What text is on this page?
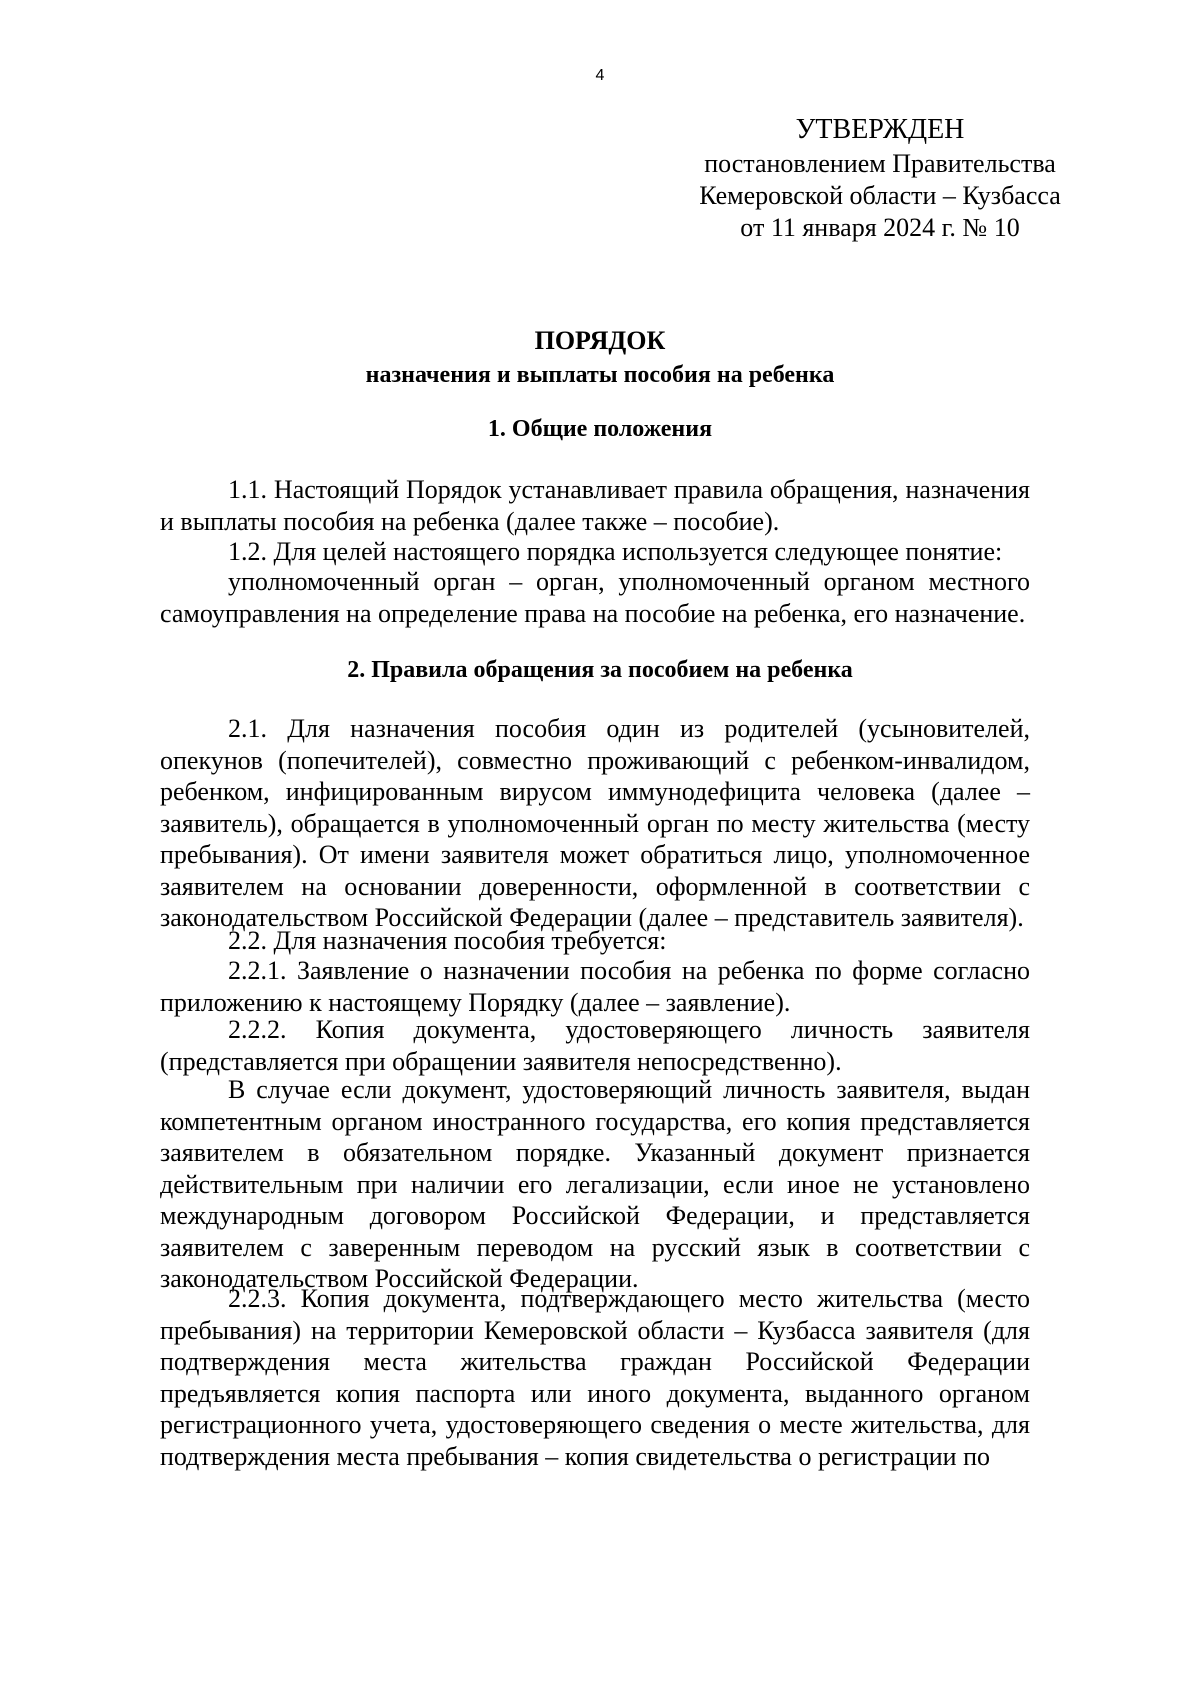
4
УТВЕРЖДЕН
постановлением Правительства
Кемеровской области – Кузбасса
от 11 января 2024 г. № 10
ПОРЯДОК
назначения и выплаты пособия на ребенка
1. Общие положения

1.1. Настоящий Порядок устанавливает правила обращения, назначения и выплаты пособия на ребенка (далее также – пособие).

1.2. Для целей настоящего порядка используется следующее понятие:

уполномоченный орган – орган, уполномоченный органом местного самоуправления на определение права на пособие на ребенка, его назначение.

2. Правила обращения за пособием на ребенка

2.1. Для назначения пособия один из родителей (усыновителей, опекунов (попечителей), совместно проживающий с ребенком-инвалидом, ребенком, инфицированным вирусом иммунодефицита человека (далее – заявитель), обращается в уполномоченный орган по месту жительства (месту пребывания). От имени заявителя может обратиться лицо, уполномоченное заявителем на основании доверенности, оформленной в соответствии с законодательством Российской Федерации (далее – представитель заявителя).

2.2. Для назначения пособия требуется:

2.2.1. Заявление о назначении пособия на ребенка по форме согласно приложению к настоящему Порядку (далее – заявление).

2.2.2. Копия документа, удостоверяющего личность заявителя (представляется при обращении заявителя непосредственно).

В случае если документ, удостоверяющий личность заявителя, выдан компетентным органом иностранного государства, его копия представляется заявителем в обязательном порядке. Указанный документ признается действительным при наличии его легализации, если иное не установлено международным договором Российской Федерации, и представляется заявителем с заверенным переводом на русский язык в соответствии с законодательством Российской Федерации.

2.2.3. Копия документа, подтверждающего место жительства (место пребывания) на территории Кемеровской области – Кузбасса заявителя (для подтверждения места жительства граждан Российской Федерации предъявляется копия паспорта или иного документа, выданного органом регистрационного учета, удостоверяющего сведения о месте жительства, для подтверждения места пребывания – копия свидетельства о регистрации по
